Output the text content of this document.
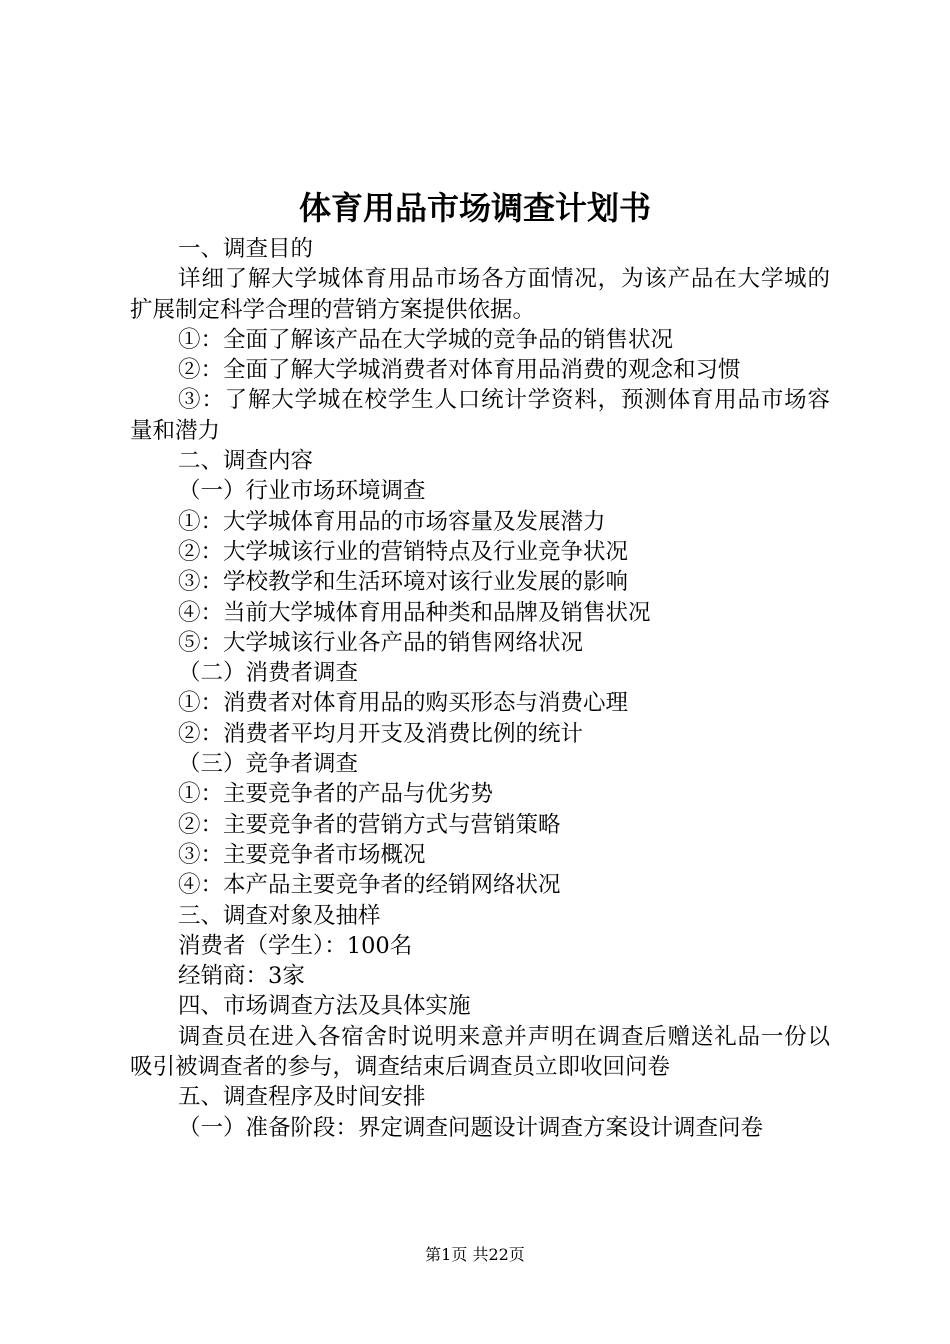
体育用品市场调查计划书

一、调查目的

详细了解大学城体育用品市场各方面情况，为该产品在大学城的扩展制定科学合理的营销方案提供依据。

①：全面了解该产品在大学城的竞争品的销售状况

②：全面了解大学城消费者对体育用品消费的观念和习惯

③：了解大学城在校学生人口统计学资料，预测体育用品市场容量和潜力

二、调查内容

（一）行业市场环境调查

①：大学城体育用品的市场容量及发展潜力

②：大学城该行业的营销特点及行业竞争状况

③：学校教学和生活环境对该行业发展的影响

④：当前大学城体育用品种类和品牌及销售状况

⑤：大学城该行业各产品的销售网络状况

（二）消费者调查

①：消费者对体育用品的购买形态与消费心理

②：消费者平均月开支及消费比例的统计

（三）竞争者调查

①：主要竞争者的产品与优劣势

②：主要竞争者的营销方式与营销策略

③：主要竞争者市场概况

④：本产品主要竞争者的经销网络状况

三、调查对象及抽样

消费者（学生）：100名

经销商：3家

四、市场调查方法及具体实施

调查员在进入各宿舍时说明来意并声明在调查后赠送礼品一份以吸引被调查者的参与，调查结束后调查员立即收回问卷

五、调查程序及时间安排

（一）准备阶段：界定调查问题设计调查方案设计调查问卷

第1页 共22页
